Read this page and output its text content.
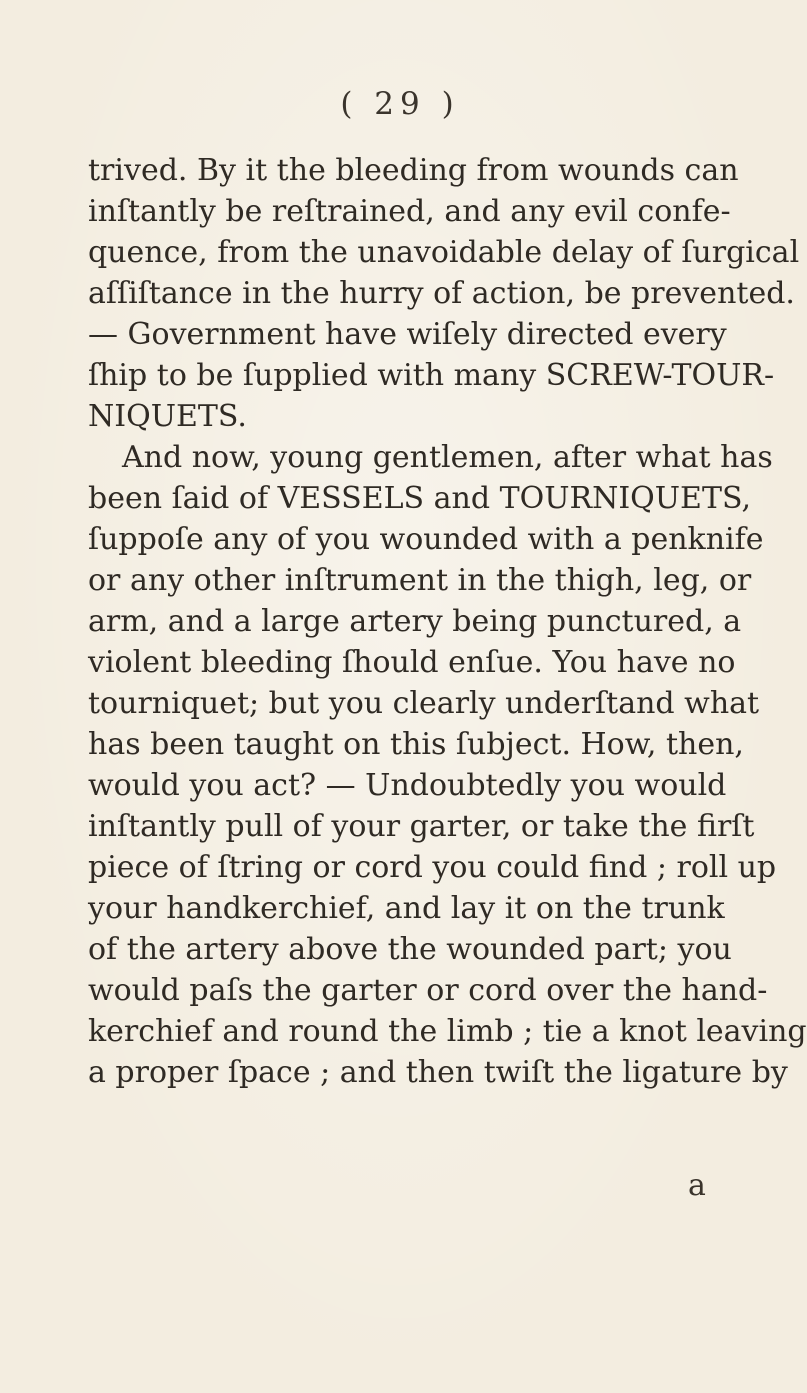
( 29 )
trived. By it the bleeding from wounds can
inſtantly be reſtrained, and any evil confe-
quence, from the unavoidable delay of ſurgical
aſſiſtance in the hurry of action, be prevented.
— Government have wiſely directed every
ſhip to be ſupplied with many SCREW-TOUR-
NIQUETS.
And now, young gentlemen, after what has
been ſaid of VESSELS and TOURNIQUETS,
ſuppoſe any of you wounded with a penknife
or any other inſtrument in the thigh, leg, or
arm, and a large artery being punctured, a
violent bleeding ſhould enſue. You have no
tourniquet; but you clearly underſtand what
has been taught on this ſubject. How, then,
would you act? — Undoubtedly you would
inſtantly pull of your garter, or take the firſt
piece of ſtring or cord you could find ; roll up
your handkerchief, and lay it on the trunk
of the artery above the wounded part; you
would paſs the garter or cord over the hand-
kerchief and round the limb ; tie a knot leaving
a proper ſpace ; and then twiſt the ligature by
a
